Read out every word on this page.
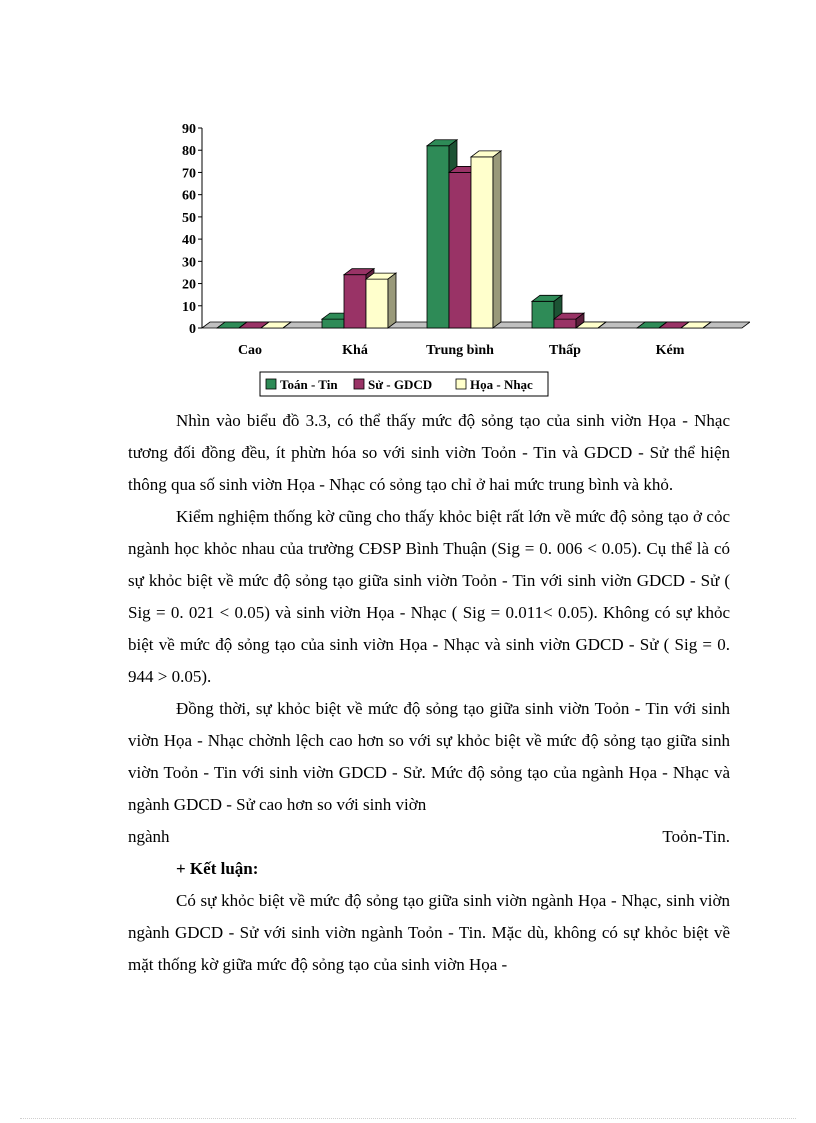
0
10
20
30
40
50
60
70
80
90
Cao	Khá	Trung bình	Thấp	Kém
Toán - Tin Sử - GDCD	Họa - Nhạc

Nhìn vào biểu đồ 3.3, có thể thấy mức độ sỏng tạo của sinh viờn Họa - Nhạc tương đối đồng đều, ít phừn hóa so với sinh viờn Toỏn - Tin và GDCD - Sử thể hiện thông qua số sinh viờn Họa - Nhạc có sỏng tạo chỉ ở hai mức trung bình và khỏ.

Kiểm nghiệm thống kờ cũng cho thấy khỏc biệt rất lớn về mức độ sỏng tạo ở cỏc ngành học khỏc nhau của trường CĐSP Bình Thuận (Sig = 0. 006 < 0.05). Cụ thể là có sự khỏc biệt về mức độ sỏng tạo giữa sinh viờn Toỏn - Tin với sinh viờn GDCD - Sử ( Sig = 0. 021 < 0.05) và sinh viờn Họa - Nhạc ( Sig = 0.011< 0.05). Không có sự khỏc biệt về mức độ sỏng tạo của sinh viờn Họa - Nhạc và sinh viờn GDCD - Sử ( Sig = 0. 944 > 0.05).

Đồng thời, sự khỏc biệt về mức độ sỏng tạo giữa sinh viờn Toỏn - Tin với sinh viờn Họa - Nhạc chờnh lệch cao hơn so với sự khỏc biệt về mức độ sỏng tạo giữa sinh viờn Toỏn - Tin với sinh viờn GDCD - Sử. Mức độ sỏng tạo của ngành Họa - Nhạc và ngành GDCD - Sử cao hơn so với sinh viờn

ngành	Toỏn-Tin.

+ Kết luận:

Có sự khỏc biệt về mức độ sỏng tạo giữa sinh viờn ngành Họa - Nhạc, sinh viờn ngành GDCD - Sử với sinh viờn ngành Toỏn - Tin. Mặc dù, không có sự khỏc biệt về mặt thống kờ giữa mức độ sỏng tạo của sinh viờn Họa -
